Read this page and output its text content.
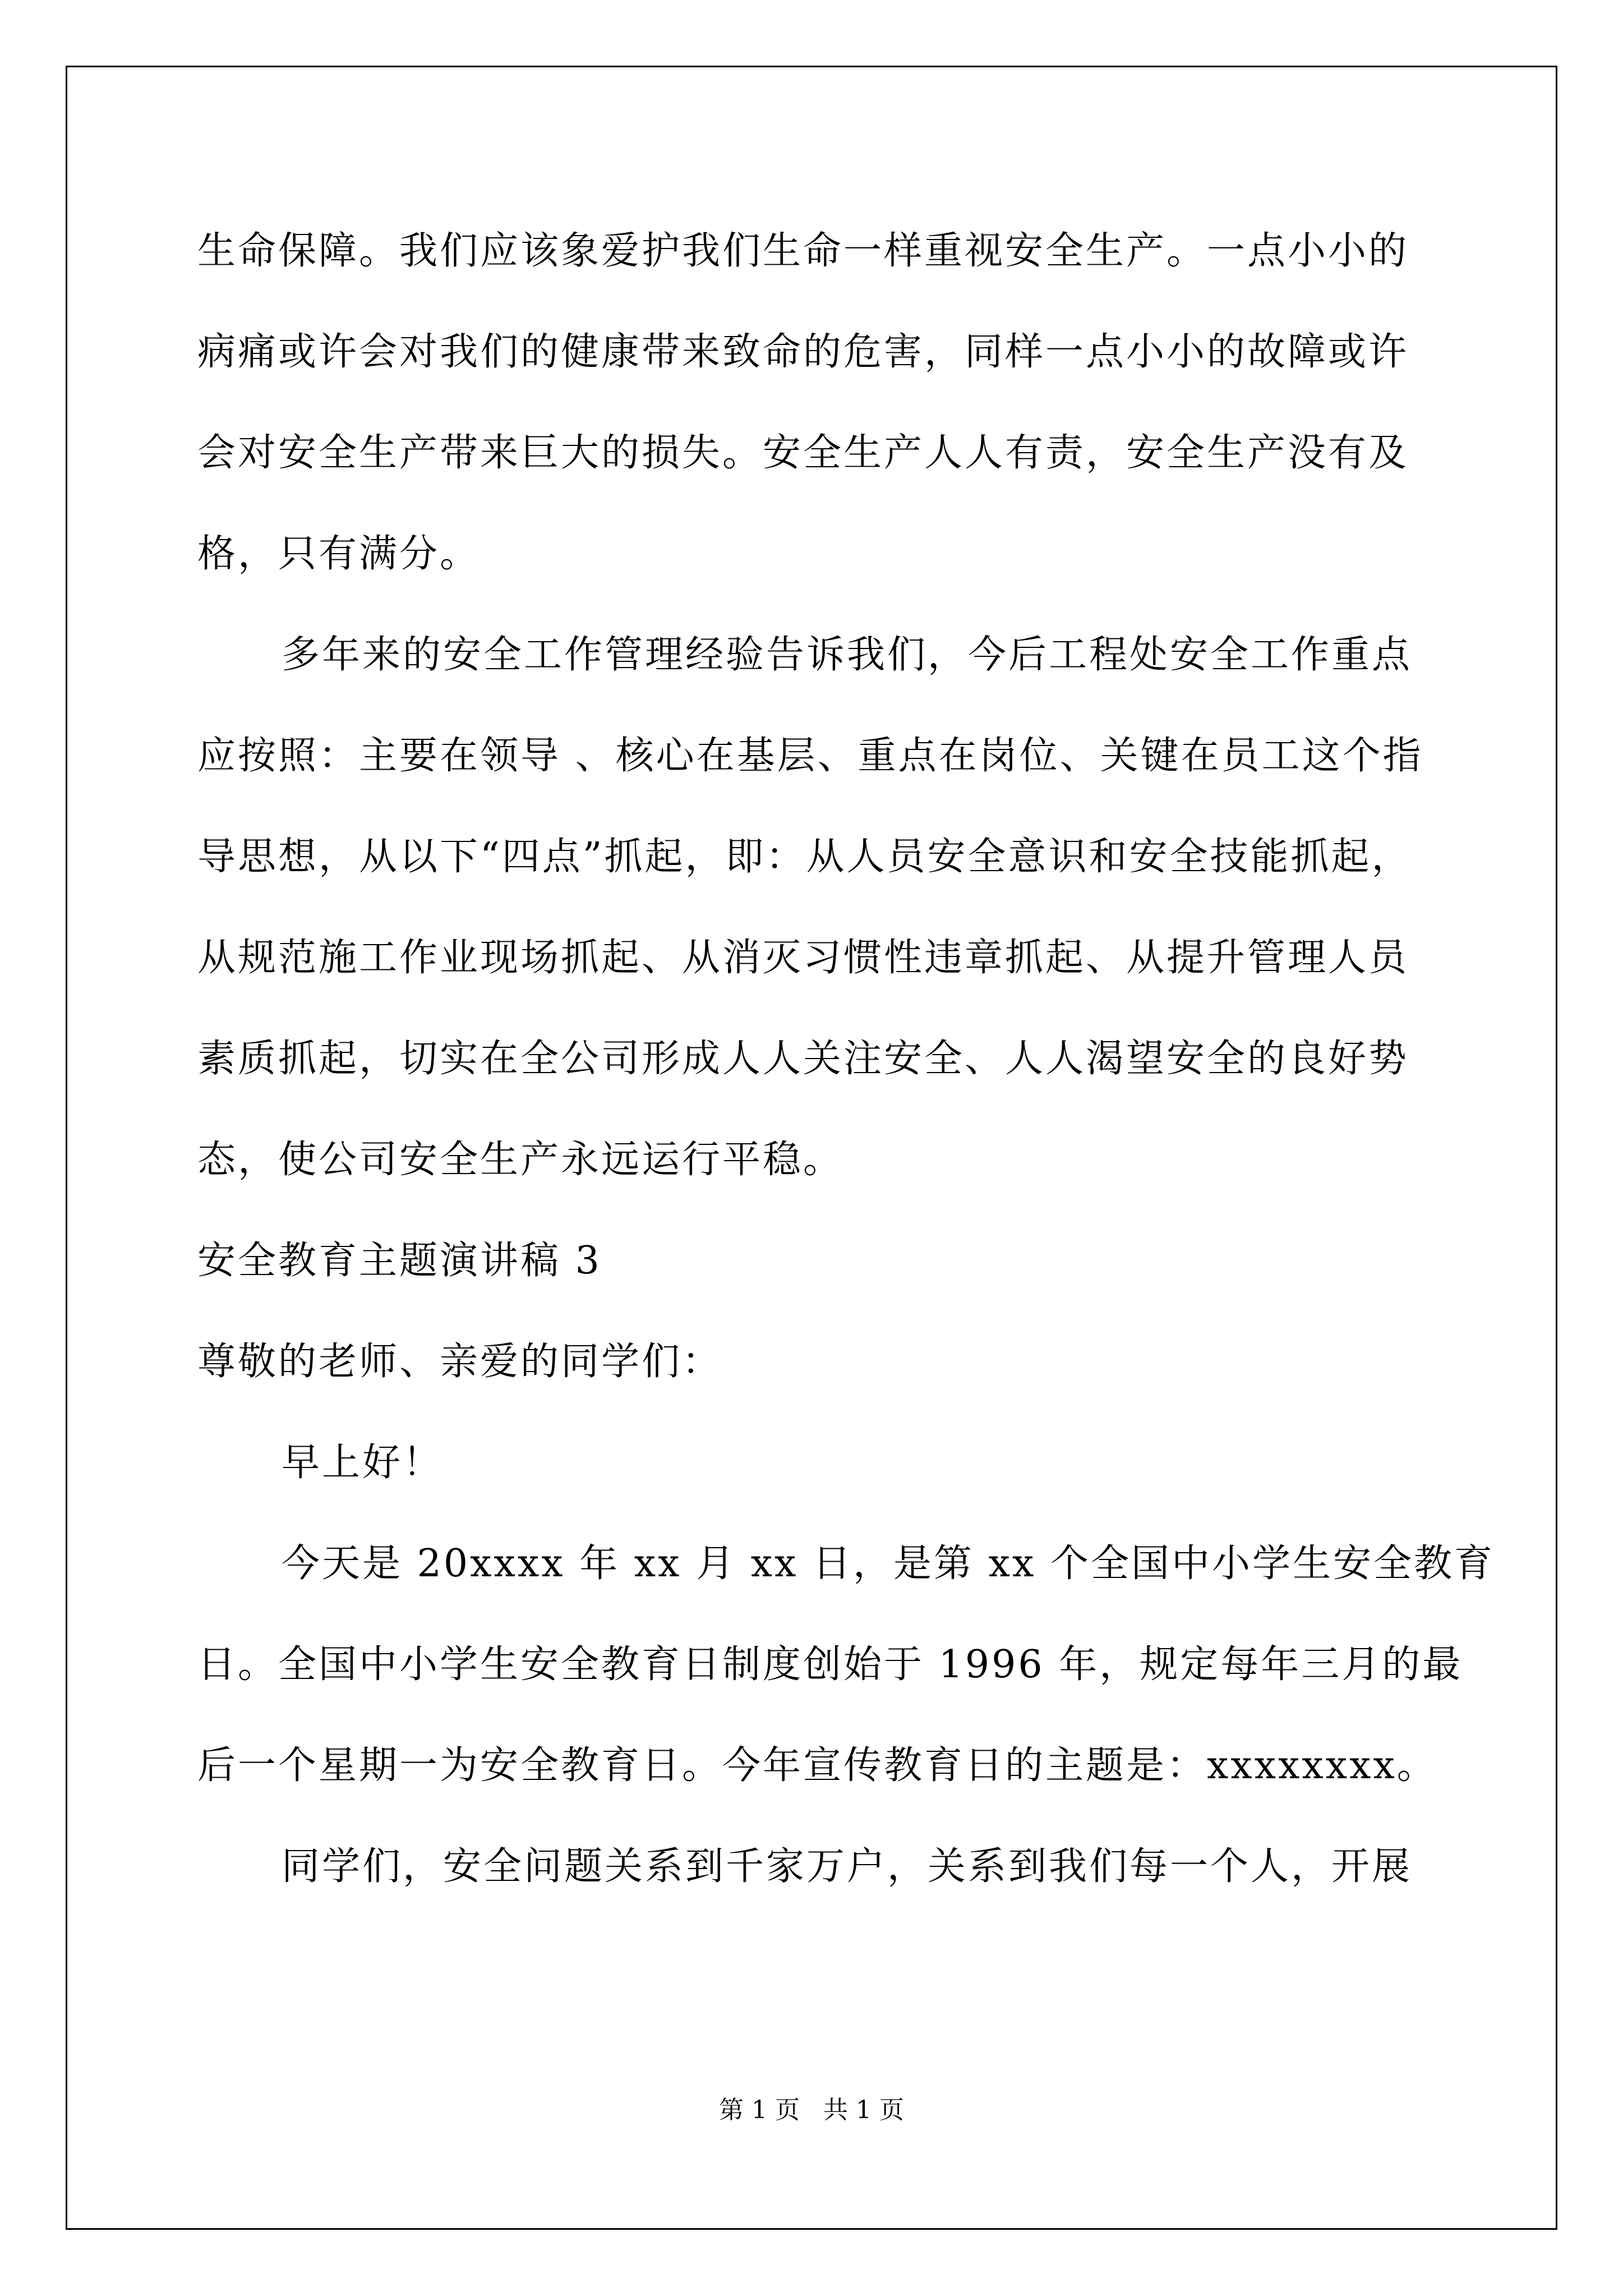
生命保障。我们应该象爱护我们生命一样重视安全生产。一点小小的
病痛或许会对我们的健康带来致命的危害，同样一点小小的故障或许
会对安全生产带来巨大的损失。安全生产人人有责，安全生产没有及
格，只有满分。
多年来的安全工作管理经验告诉我们，今后工程处安全工作重点
应按照：主要在领导 、核心在基层、重点在岗位、关键在员工这个指
导思想，从以下“四点”抓起，即：从人员安全意识和安全技能抓起，
从规范施工作业现场抓起、从消灭习惯性违章抓起、从提升管理人员
素质抓起，切实在全公司形成人人关注安全、人人渴望安全的良好势
态，使公司安全生产永远运行平稳。
安全教育主题演讲稿 3
尊敬的老师、亲爱的同学们：
早上好！
今天是 20xxxx 年 xx 月 xx 日，是第 xx 个全国中小学生安全教育
日。全国中小学生安全教育日制度创始于 1996 年，规定每年三月的最
后一个星期一为安全教育日。今年宣传教育日的主题是：xxxxxxxx。
同学们，安全问题关系到千家万户，关系到我们每一个人，开展
第 1 页   共 1 页
